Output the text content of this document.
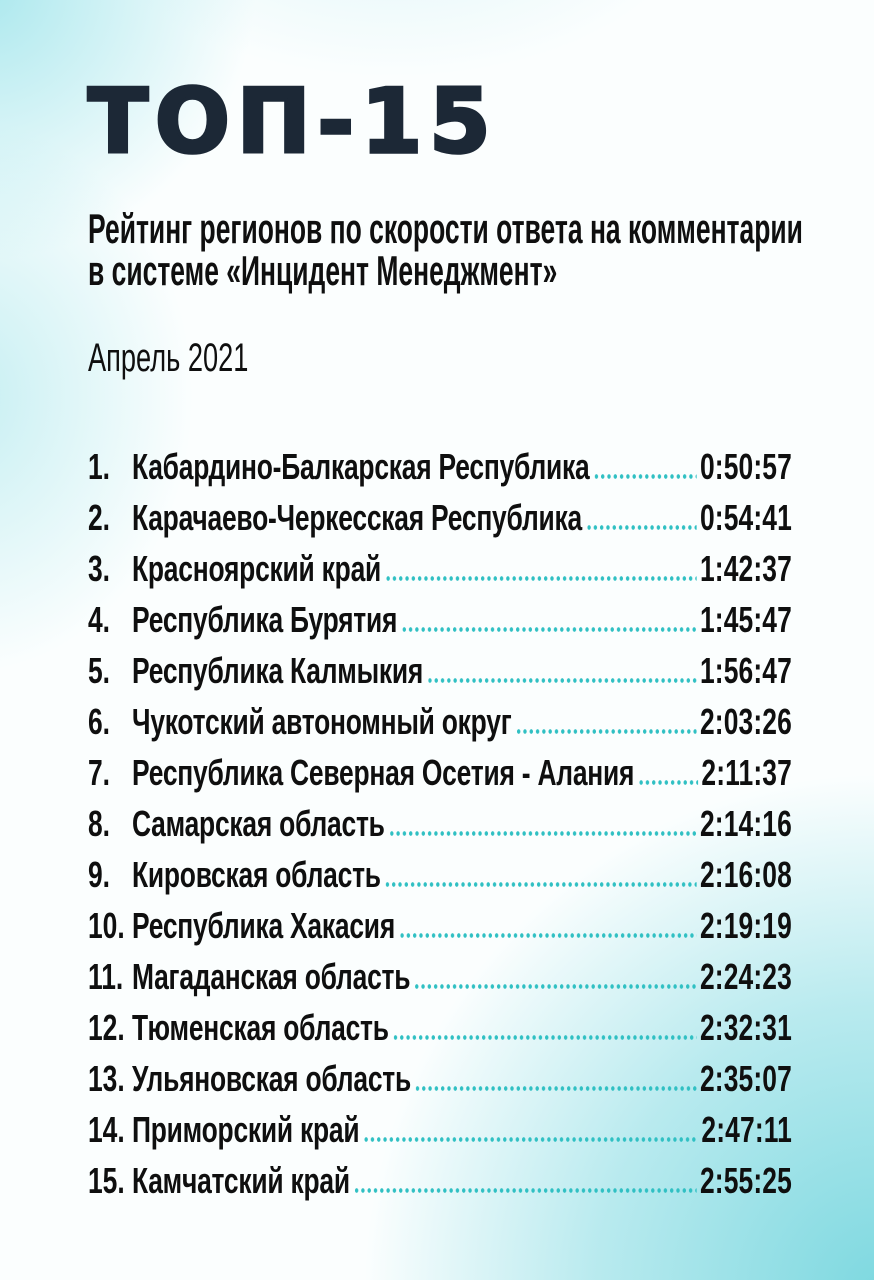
ТОП-15
Рейтинг регионов по скорости ответа на комментарии
в системе «Инцидент Менеджмент»
Апрель 2021
1. Кабардино-Балкарская Республика	0:50:57
2. Карачаево-Черкесская Республика	0:54:41
3. Красноярский край	1:42:37
4. Республика Бурятия	1:45:47
5. Республика Калмыкия	1:56:47
6. Чукотский автономный округ	2:03:26
7. Республика Северная Осетия - Алания 2:11:37
8. Самарская область	2:14:16
9. Кировская область	2:16:08
10. Республика Хакасия	2:19:19
11. Магаданская область	2:24:23
12. Тюменская область	2:32:31
13. Ульяновская область	2:35:07
14. Приморский край	2:47:11
15. Камчатский край	2:55:25
